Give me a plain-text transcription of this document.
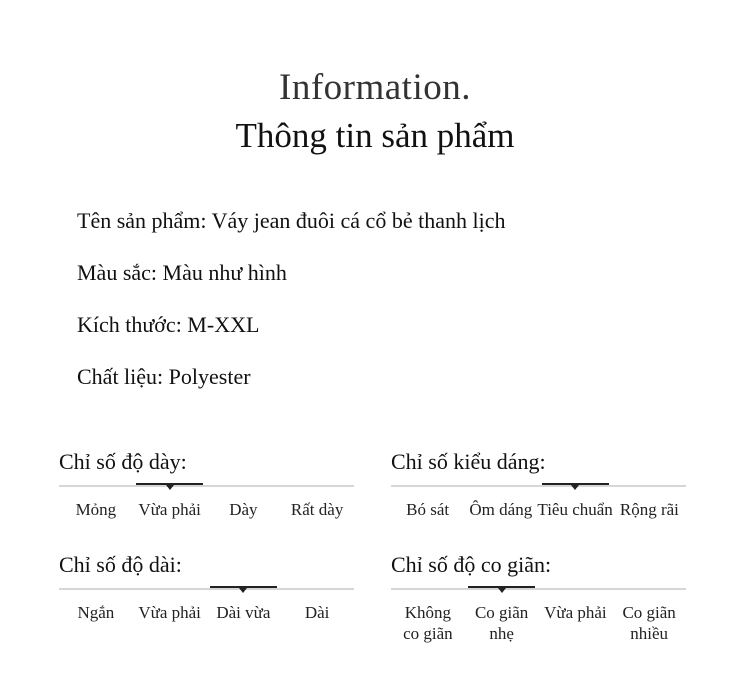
Information.
Thông tin sản phẩm
Tên sản phẩm: Váy jean đuôi cá cổ bẻ thanh lịch
Màu sắc: Màu như hình
Kích thước: M-XXL
Chất liệu: Polyester
Chỉ số độ dày:
Mỏng	Vừa phải	Dày	Rất dày
Chỉ số kiểu dáng:
Bó sát	Ôm dáng Tiêu chuẩn Rộng rãi
Chỉ số độ dài:
Ngắn	Vừa phải Dài vừa	Dài
Chỉ số độ co giãn:
Không
co giãn
Co giãn
nhẹ
Vừa phải Co giãn
nhiều
